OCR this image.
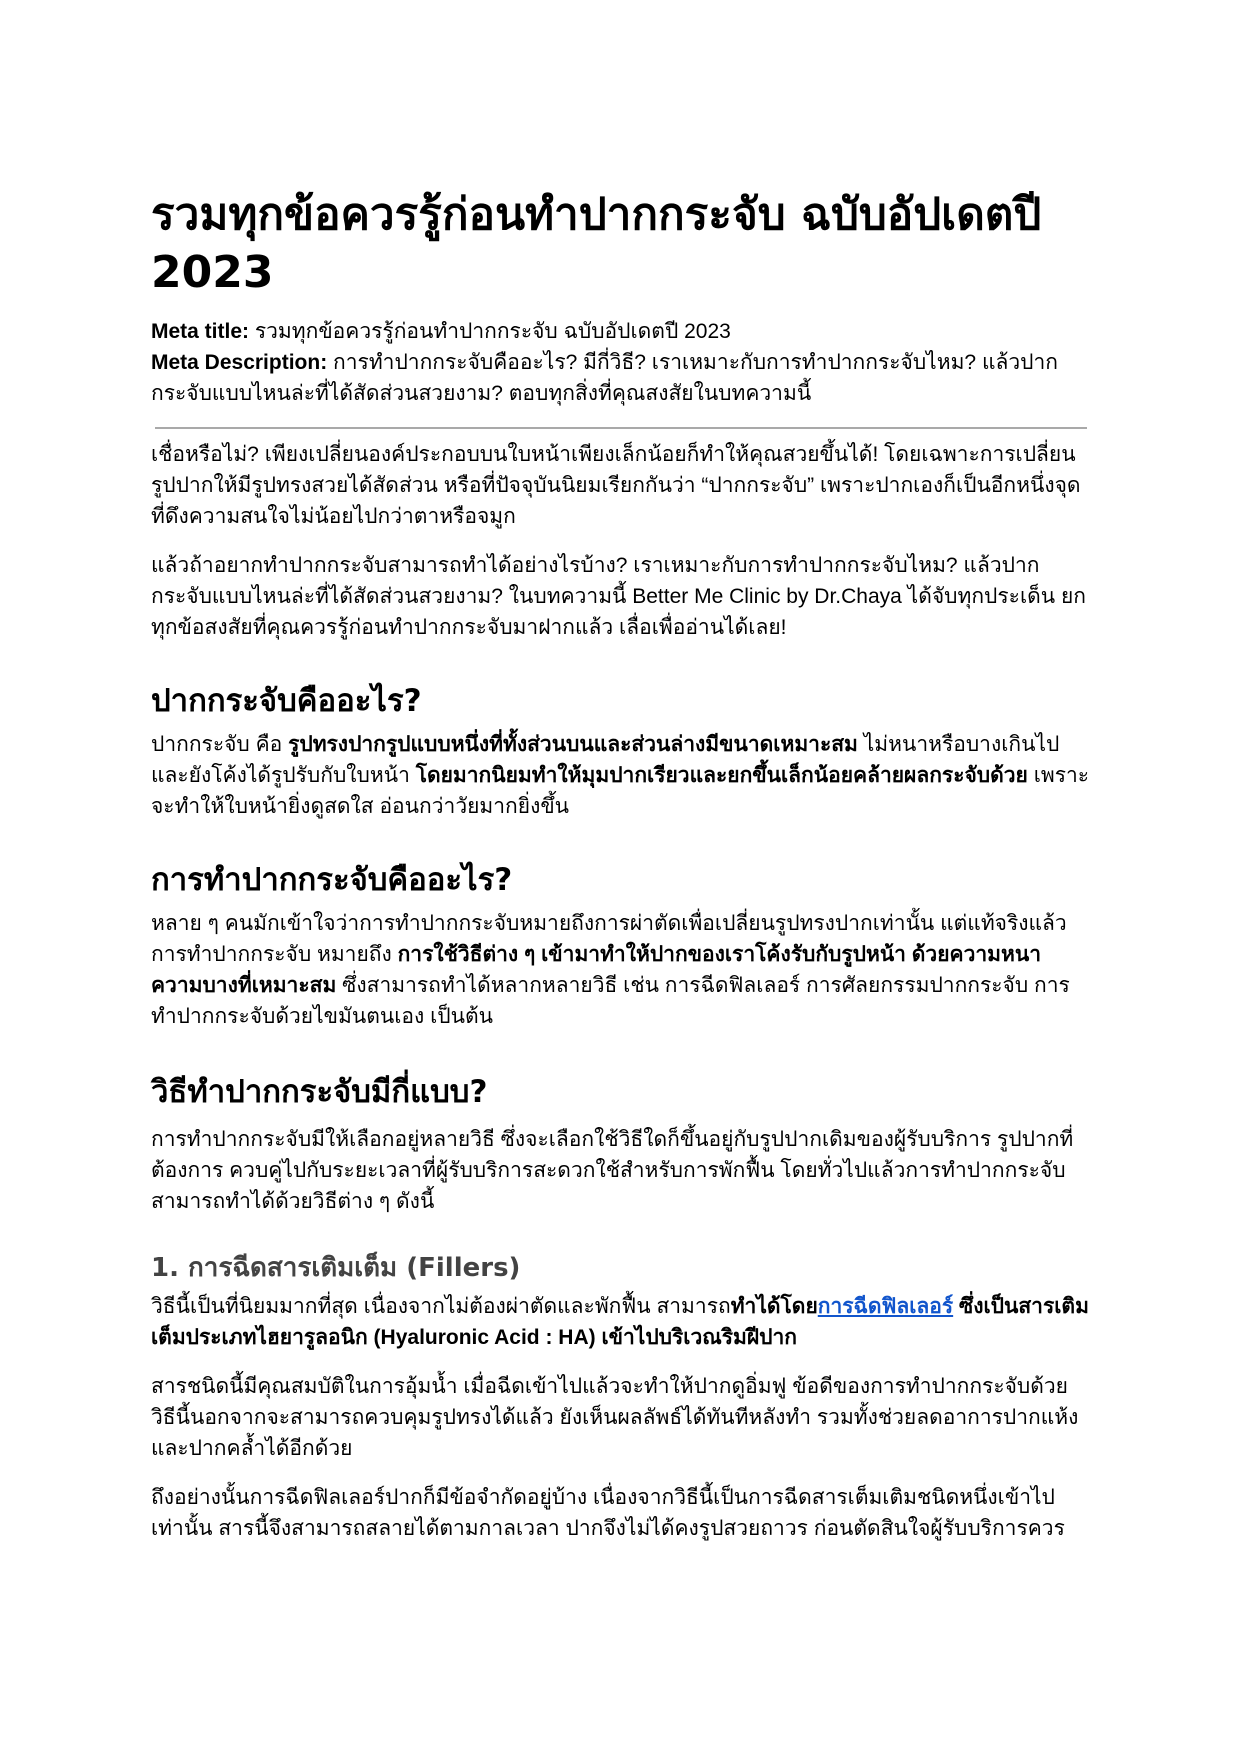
รวมทุกข้อควรรู้ก่อนทำปากกระจับ ฉบับอัปเดตปี 2023
Meta title: รวมทุกข้อควรรู้ก่อนทำปากกระจับ ฉบับอัปเดตปี 2023
Meta Description: การทำปากกระจับคืออะไร? มีกี่วิธี? เราเหมาะกับการทำปากกระจับไหม? แล้วปากกระจับแบบไหนล่ะที่ได้สัดส่วนสวยงาม? ตอบทุกสิ่งที่คุณสงสัยในบทความนี้

เชื่อหรือไม่? เพียงเปลี่ยนองค์ประกอบบนใบหน้าเพียงเล็กน้อยก็ทำให้คุณสวยขึ้นได้! โดยเฉพาะการเปลี่ยนรูปปากให้มีรูปทรงสวยได้สัดส่วน หรือที่ปัจจุบันนิยมเรียกกันว่า “ปากกระจับ” เพราะปากเองก็เป็นอีกหนึ่งจุดที่ดึงความสนใจไม่น้อยไปกว่าตาหรือจมูก

แล้วถ้าอยากทำปากกระจับสามารถทำได้อย่างไรบ้าง? เราเหมาะกับการทำปากกระจับไหม? แล้วปากกระจับแบบไหนล่ะที่ได้สัดส่วนสวยงาม? ในบทความนี้ Better Me Clinic by Dr.Chaya ได้จับทุกประเด็น ยกทุกข้อสงสัยที่คุณควรรู้ก่อนทำปากกระจับมาฝากแล้ว เลื่อเพื่ออ่านได้เลย!

ปากกระจับคืออะไร?

ปากกระจับ คือ รูปทรงปากรูปแบบหนึ่งที่ทั้งส่วนบนและส่วนล่างมีขนาดเหมาะสม ไม่หนาหรือบางเกินไป และยังโค้งได้รูปรับกับใบหน้า โดยมากนิยมทำให้มุมปากเรียวและยกขึ้นเล็กน้อยคล้ายผลกระจับด้วย เพราะจะทำให้ใบหน้ายิ่งดูสดใส อ่อนกว่าวัยมากยิ่งขึ้น

การทำปากกระจับคืออะไร?

หลาย ๆ คนมักเข้าใจว่าการทำปากกระจับหมายถึงการผ่าตัดเพื่อเปลี่ยนรูปทรงปากเท่านั้น แต่แท้จริงแล้วการทำปากกระจับ หมายถึง การใช้วิธีต่าง ๆ เข้ามาทำให้ปากของเราโค้งรับกับรูปหน้า ด้วยความหนา ความบางที่เหมาะสม ซึ่งสามารถทำได้หลากหลายวิธี เช่น การฉีดฟิลเลอร์ การศัลยกรรมปากกระจับ การทำปากกระจับด้วยไขมันตนเอง เป็นต้น

วิธีทำปากกระจับมีกี่แบบ?

การทำปากกระจับมีให้เลือกอยู่หลายวิธี ซึ่งจะเลือกใช้วิธีใดก็ขึ้นอยู่กับรูปปากเดิมของผู้รับบริการ รูปปากที่ต้องการ ควบคู่ไปกับระยะเวลาที่ผู้รับบริการสะดวกใช้สำหรับการพักฟื้น โดยทั่วไปแล้วการทำปากกระจับสามารถทำได้ด้วยวิธีต่าง ๆ ดังนี้

1. การฉีดสารเติมเต็ม (Fillers)

วิธีนี้เป็นที่นิยมมากที่สุด เนื่องจากไม่ต้องผ่าตัดและพักฟื้น สามารถทำได้โดยการฉีดฟิลเลอร์ ซึ่งเป็นสารเติมเต็มประเภทไฮยารูลอนิก (Hyaluronic Acid : HA) เข้าไปบริเวณริมฝีปาก

สารชนิดนี้มีคุณสมบัติในการอุ้มน้ำ เมื่อฉีดเข้าไปแล้วจะทำให้ปากดูอิ่มฟู ข้อดีของการทำปากกระจับด้วยวิธีนี้นอกจากจะสามารถควบคุมรูปทรงได้แล้ว ยังเห็นผลลัพธ์ได้ทันทีหลังทำ รวมทั้งช่วยลดอาการปากแห้งและปากคล้ำได้อีกด้วย

ถึงอย่างนั้นการฉีดฟิลเลอร์ปากก็มีข้อจำกัดอยู่บ้าง เนื่องจากวิธีนี้เป็นการฉีดสารเต็มเติมชนิดหนึ่งเข้าไปเท่านั้น สารนี้จึงสามารถสลายได้ตามกาลเวลา ปากจึงไม่ได้คงรูปสวยถาวร ก่อนตัดสินใจผู้รับบริการควร
